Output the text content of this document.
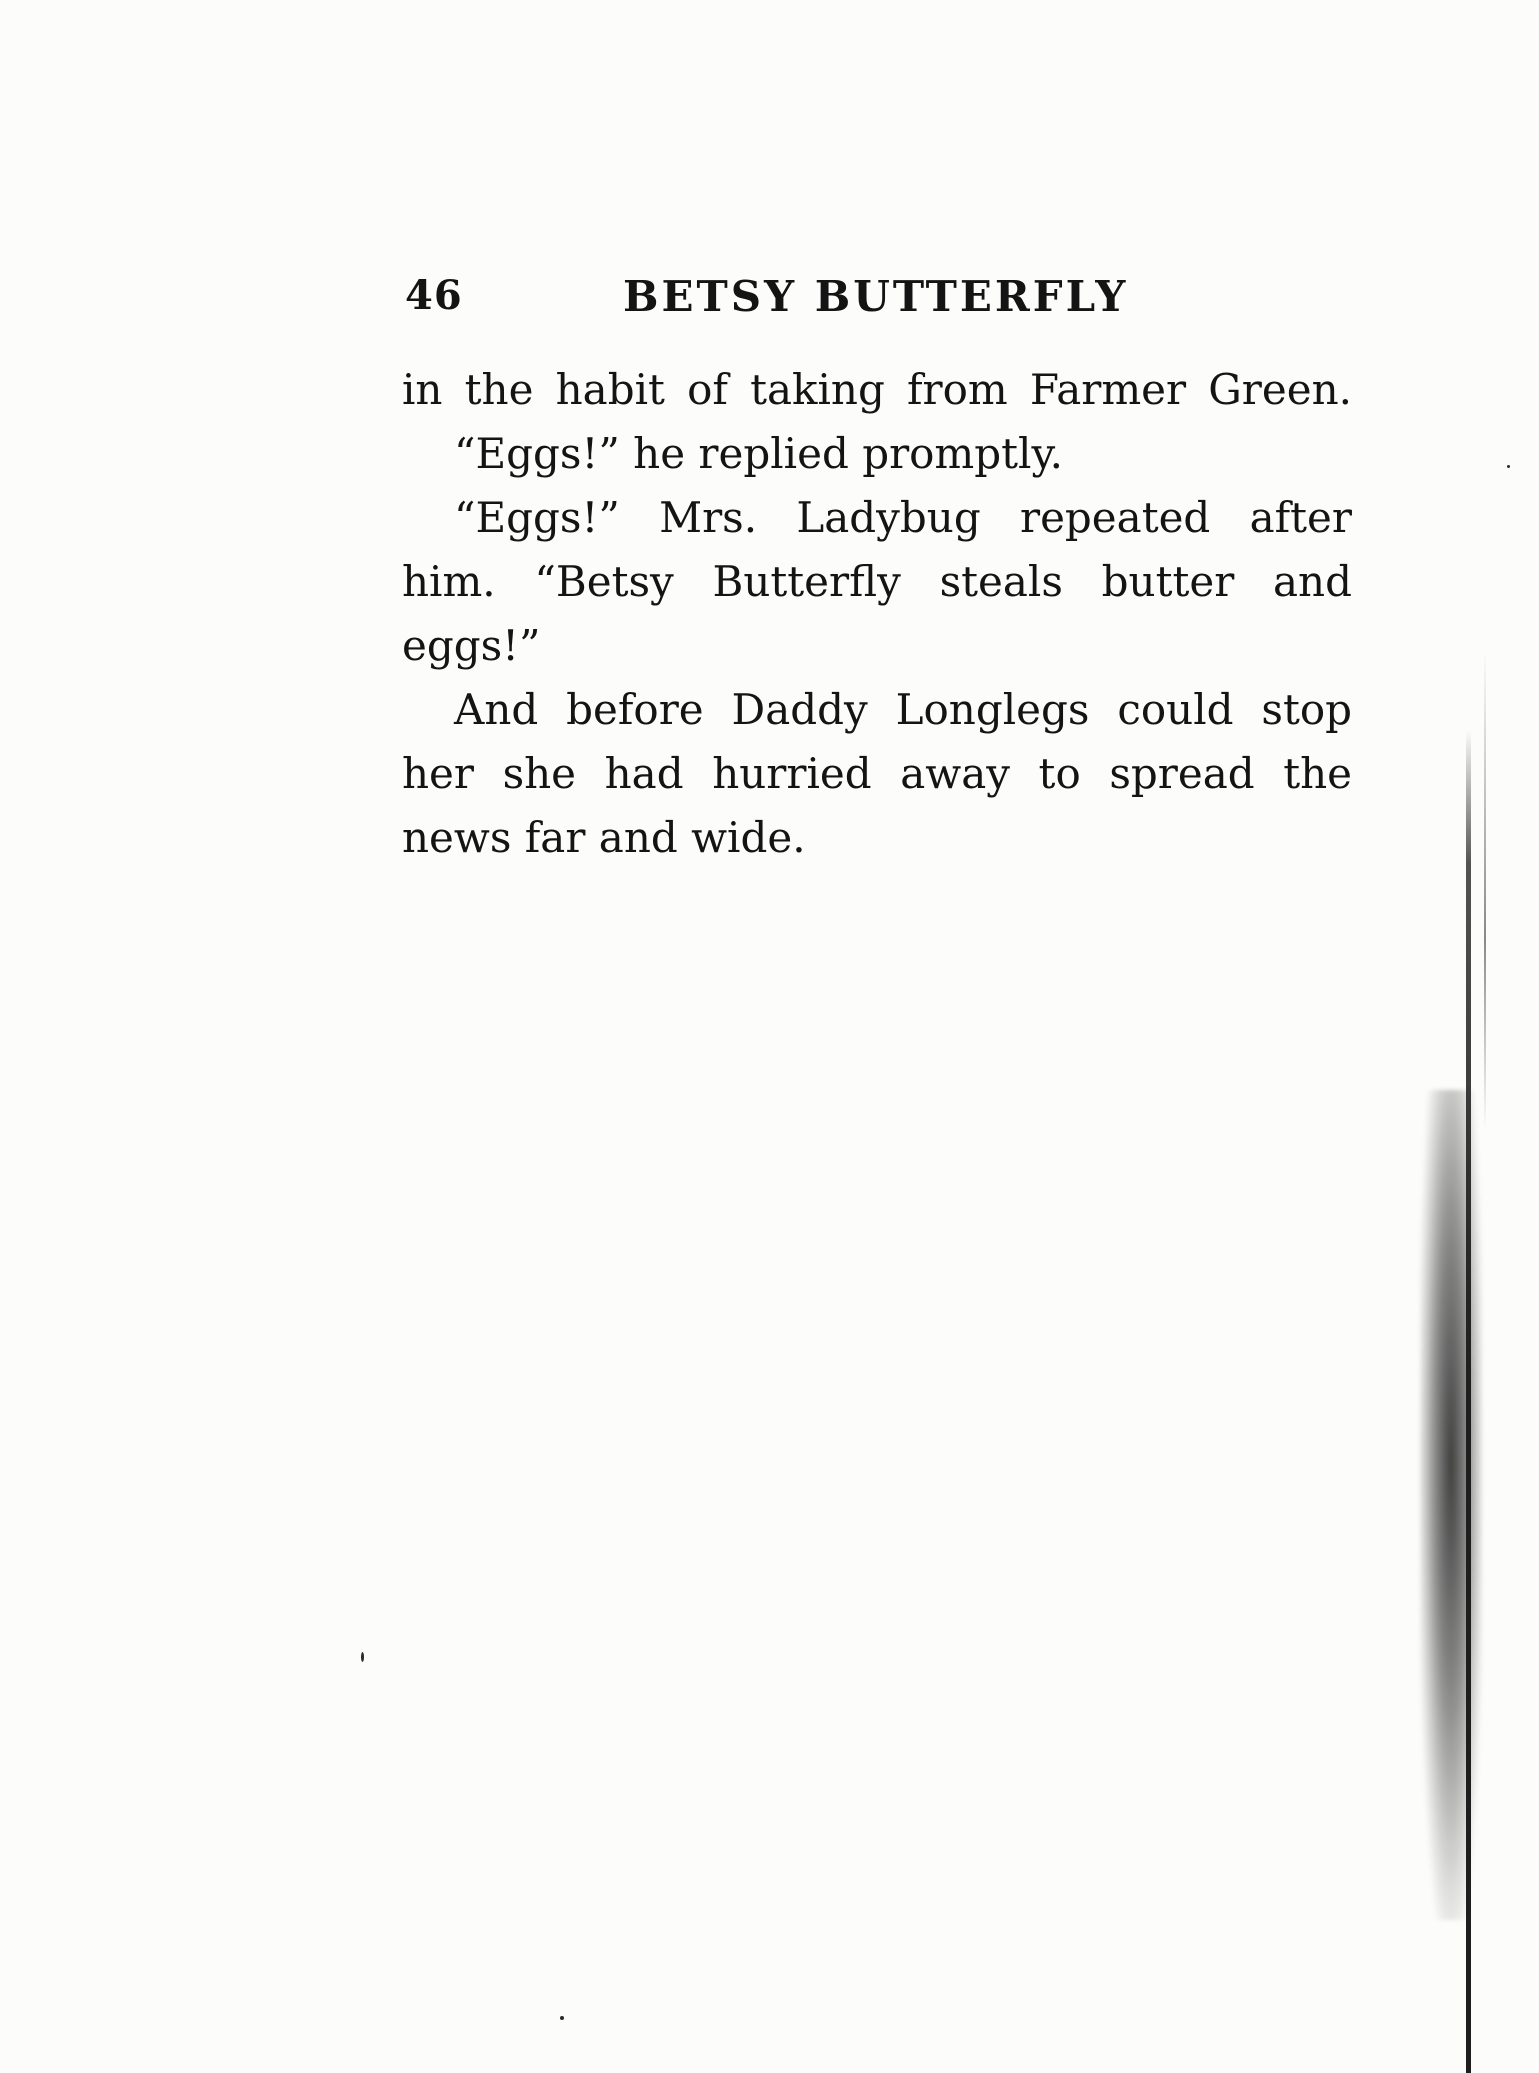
46	BETSY BUTTERFLY
in the habit of taking from Farmer Green.
“Eggs!” he replied promptly.
“Eggs!” Mrs. Ladybug repeated after
him. “Betsy Butterfly steals butter and
eggs!”
And before Daddy Longlegs could stop
her she had hurried away to spread the
news far and wide.
